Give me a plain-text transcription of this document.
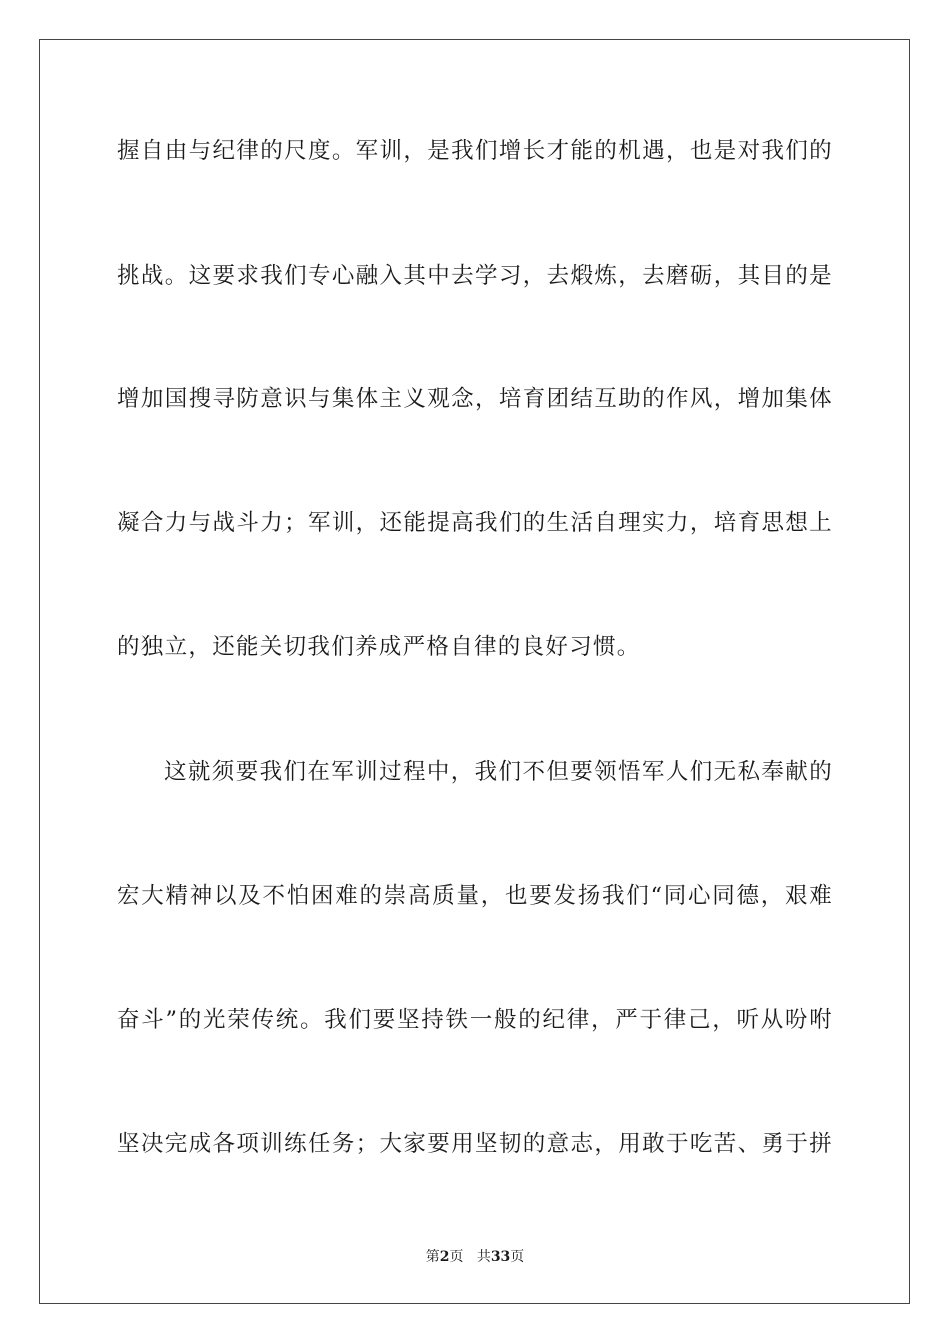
握自由与纪律的尺度。军训，是我们增长才能的机遇，也是对我们的
挑战。这要求我们专心融入其中去学习，去煅炼，去磨砺，其目的是
增加国搜寻防意识与集体主义观念，培育团结互助的作风，增加集体
凝合力与战斗力；军训，还能提高我们的生活自理实力，培育思想上
的独立，还能关切我们养成严格自律的良好习惯。
这就须要我们在军训过程中，我们不但要领悟军人们无私奉献的
宏大精神以及不怕困难的崇高质量，也要发扬我们“同心同德，艰难
奋斗”的光荣传统。我们要坚持铁一般的纪律，严于律己，听从吩咐
坚决完成各项训练任务；大家要用坚韧的意志，用敢于吃苦、勇于拼
第2页 共33页
